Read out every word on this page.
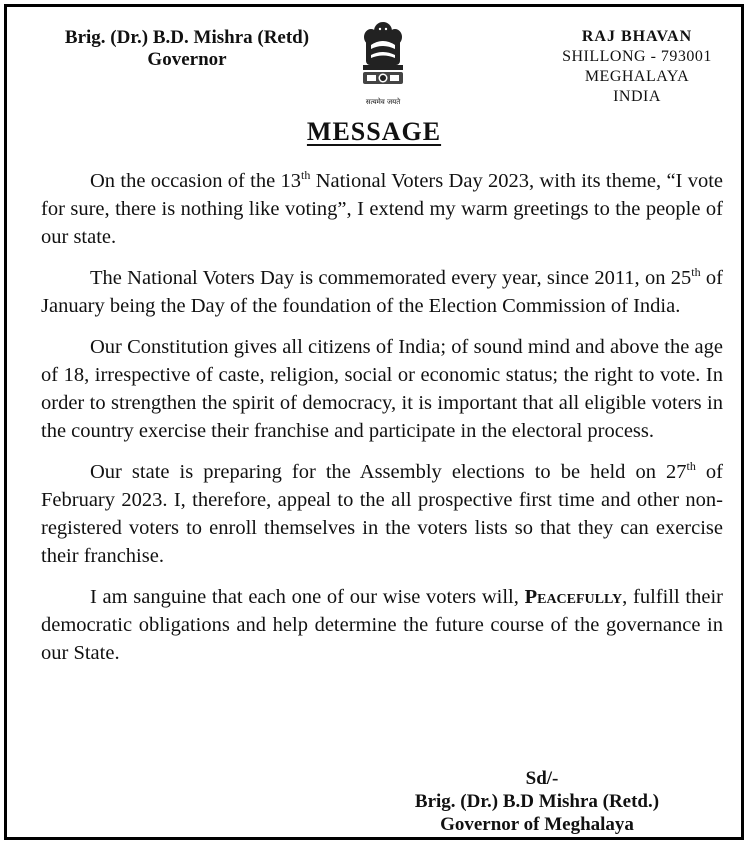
Brig. (Dr.) B.D. Mishra (Retd)
Governor
सत्यमेव जयते
RAJ BHAVAN
SHILLONG - 793001
MEGHALAYA
INDIA
MESSAGE

On the occasion of the 13th National Voters Day 2023, with its theme, “I vote for sure, there is nothing like voting”, I extend my warm greetings to the people of our state.

The National Voters Day is commemorated every year, since 2011, on 25th of January being the Day of the foundation of the Election Commission of India.

Our Constitution gives all citizens of India; of sound mind and above the age of 18, irrespective of caste, religion, social or economic status; the right to vote. In order to strengthen the spirit of democracy, it is important that all eligible voters in the country exercise their franchise and participate in the electoral process.

Our state is preparing for the Assembly elections to be held on 27th of February 2023. I, therefore, appeal to the all prospective first time and other non-registered voters to enroll themselves in the voters lists so that they can exercise their franchise.

I am sanguine that each one of our wise voters will, Peacefully, fulfill their democratic obligations and help determine the future course of the governance in our State.

Sd/-
Brig. (Dr.) B.D Mishra (Retd.)
Governor of Meghalaya
